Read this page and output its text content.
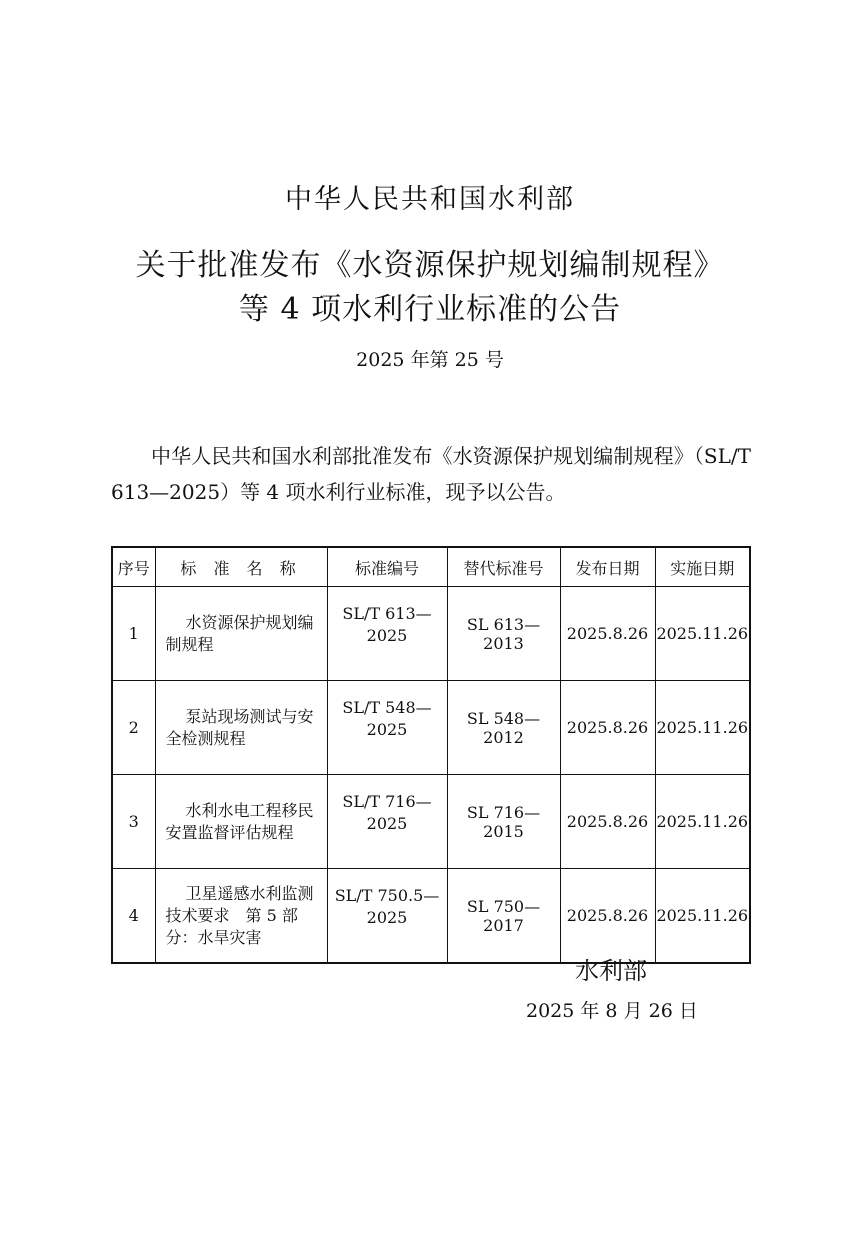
中华人民共和国水利部
关于批准发布《水资源保护规划编制规程》
等 4 项水利行业标准的公告
2025 年第 25 号
中华人民共和国水利部批准发布《水资源保护规划编制规程》（SL/T 613—2025）等 4 项水利行业标准，现予以公告。
序号	标 准 名 称	标准编号	替代标准号	发布日期	实施日期
1	水资源保护规划编制规程	SL/T 613—2025	SL 613—2013	2025.8.26	2025.11.26
2	泵站现场测试与安全检测规程	SL/T 548—2025	SL 548—2012	2025.8.26	2025.11.26
3	水利水电工程移民安置监督评估规程	SL/T 716—2025	SL 716—2015	2025.8.26	2025.11.26
4	卫星遥感水利监测技术要求　第 5 部分：水旱灾害	SL/T 750.5—2025	SL 750—2017	2025.8.26	2025.11.26
水利部
2025 年 8 月 26 日
